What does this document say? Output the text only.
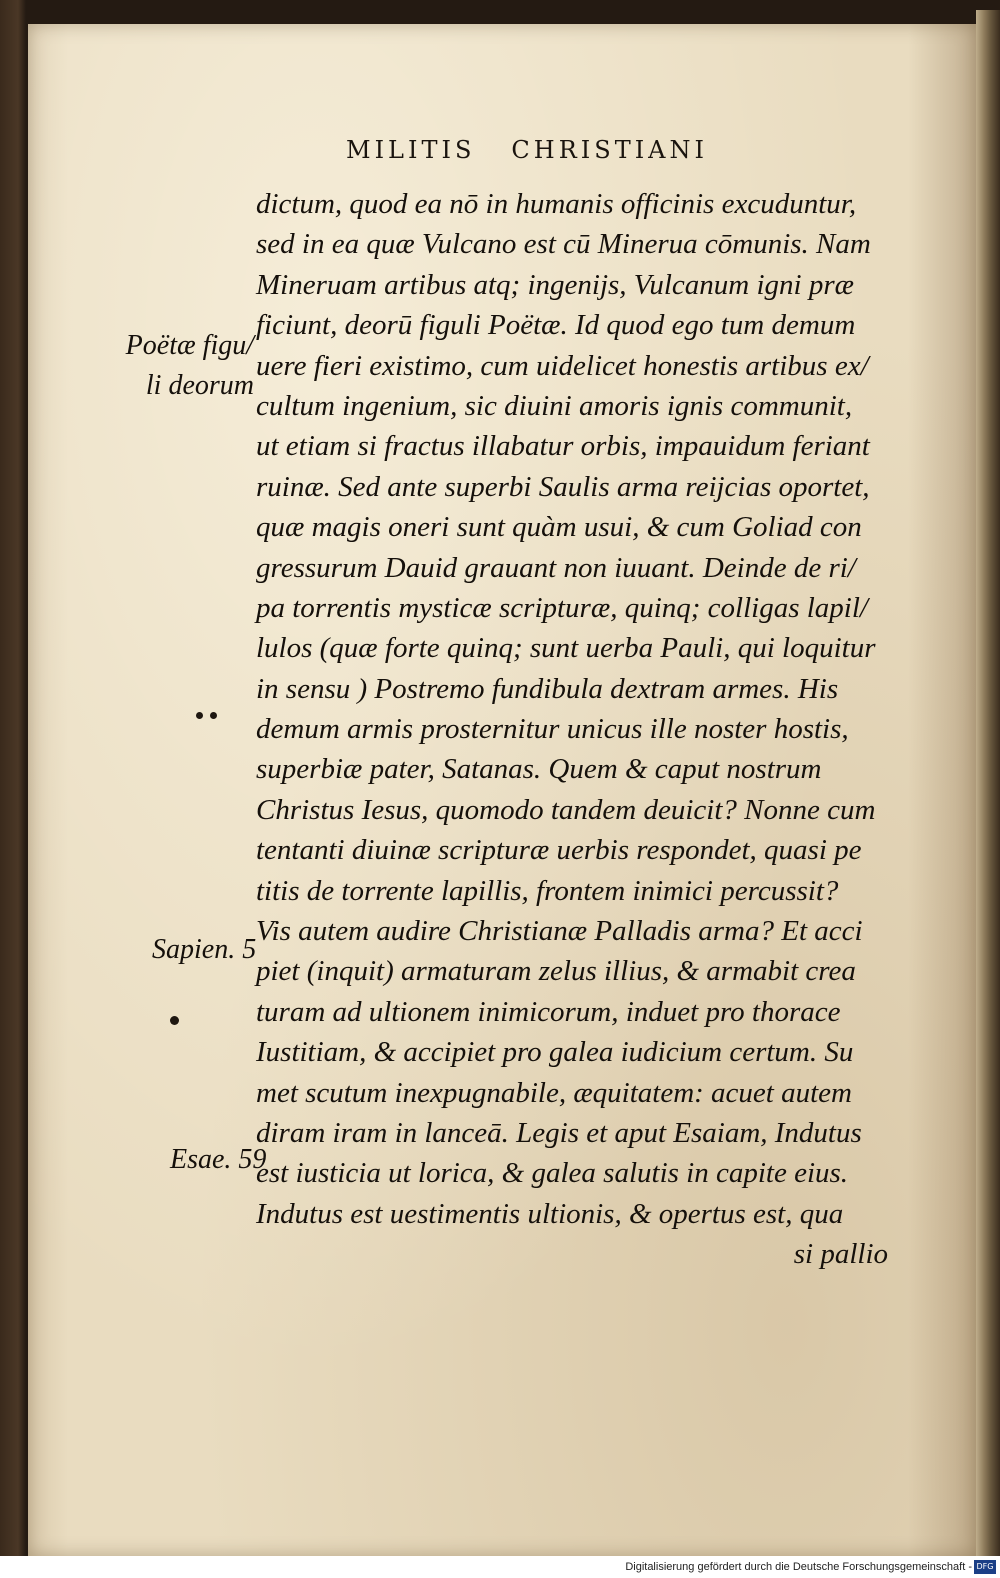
MILITIS CHRISTIANI
Poëtæ figu/
li deorum
Sapien. 5
Esae. 59
dictum, quod ea nō in humanis officinis excuduntur,
sed in ea quæ Vulcano est cū Minerua cōmunis. Nam
Mineruam artibus atq; ingenijs, Vulcanum igni præ
ficiunt, deorū figuli Poëtæ. Id quod ego tum demum
uere fieri existimo, cum uidelicet honestis artibus ex/
cultum ingenium, sic diuini amoris ignis communit,
ut etiam si fractus illabatur orbis, impauidum feriant
ruinæ. Sed ante superbi Saulis arma reijcias oportet,
quæ magis oneri sunt quàm usui, & cum Goliad con
gressurum Dauid grauant non iuuant. Deinde de ri/
pa torrentis mysticæ scripturæ, quinq; colligas lapil/
lulos (quæ forte quinq; sunt uerba Pauli, qui loquitur
in sensu ) Postremo fundibula dextram armes. His
demum armis prosternitur unicus ille noster hostis,
superbiæ pater, Satanas. Quem & caput nostrum
Christus Iesus, quomodo tandem deuicit? Nonne cum
tentanti diuinæ scripturæ uerbis respondet, quasi pe
titis de torrente lapillis, frontem inimici percussit?
Vis autem audire Christianæ Palladis arma? Et acci
piet (inquit) armaturam zelus illius, & armabit crea
turam ad ultionem inimicorum, induet pro thorace
Iustitiam, & accipiet pro galea iudicium certum. Su
met scutum inexpugnabile, æquitatem: acuet autem
diram iram in lanceā. Legis et aput Esaiam, Indutus
est iusticia ut lorica, & galea salutis in capite eius.
Indutus est uestimentis ultionis, & opertus est, qua
si pallio
Digitalisierung gefördert durch die Deutsche Forschungsgemeinschaft - DFG
